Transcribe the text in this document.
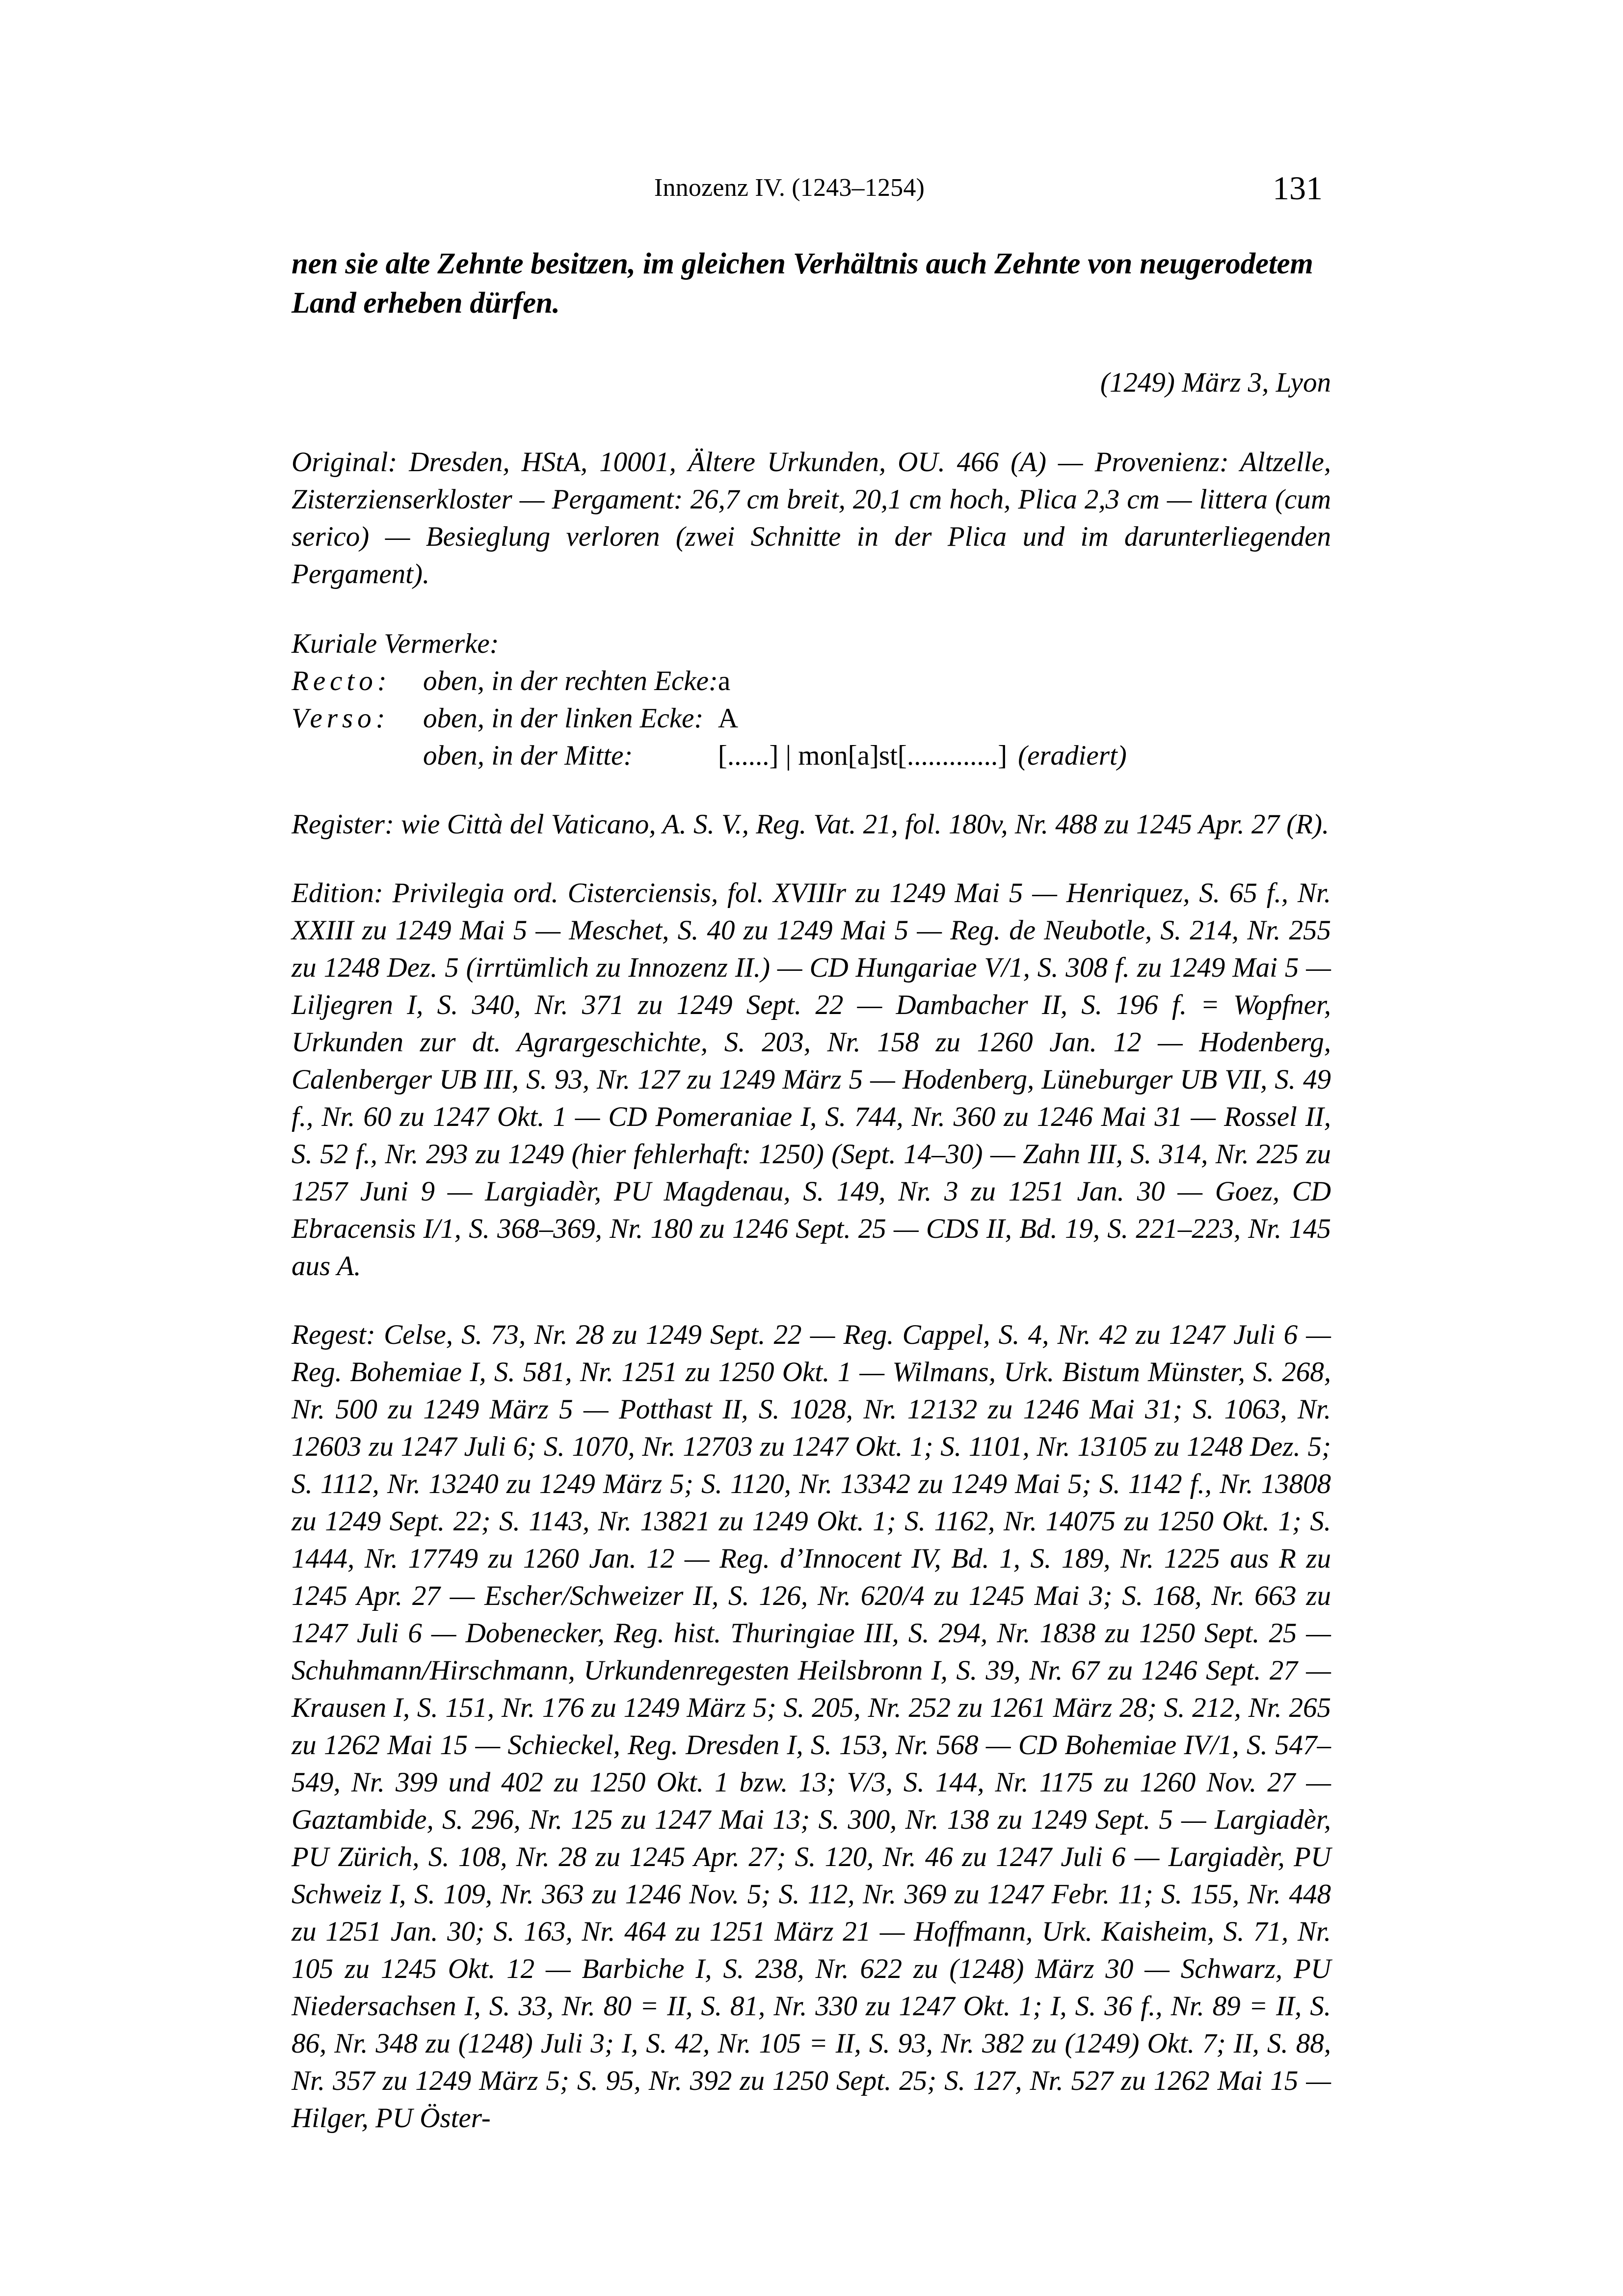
Innozenz IV. (1243–1254)	131

nen sie alte Zehnte besitzen, im gleichen Verhältnis auch Zehnte von neugerodetem Land erheben dürfen.

(1249) März 3, Lyon

Original: Dresden, HStA, 10001, Ältere Urkunden, OU. 466 (A) — Provenienz: Altzelle, Zisterzienserkloster — Pergament: 26,7 cm breit, 20,1 cm hoch, Plica 2,3 cm — littera (cum serico) — Besieglung verloren (zwei Schnitte in der Plica und im darunterliegenden Pergament).

Kuriale Vermerke:

Recto:	oben, in der rechten Ecke:	a	
Verso:	oben, in der linken Ecke:	A	
	oben, in der Mitte:	[......] | mon[a]st[.............]	(eradiert)

Register: wie Città del Vaticano, A. S. V., Reg. Vat. 21, fol. 180v, Nr. 488 zu 1245 Apr. 27 (R).

Edition: Privilegia ord. Cisterciensis, fol. XVIIIr zu 1249 Mai 5 — Henriquez, S. 65 f., Nr. XXIII zu 1249 Mai 5 — Meschet, S. 40 zu 1249 Mai 5 — Reg. de Neubotle, S. 214, Nr. 255 zu 1248 Dez. 5 (irrtümlich zu Innozenz II.) — CD Hungariae V/1, S. 308 f. zu 1249 Mai 5 — Liljegren I, S. 340, Nr. 371 zu 1249 Sept. 22 — Dambacher II, S. 196 f. = Wopfner, Urkunden zur dt. Agrargeschichte, S. 203, Nr. 158 zu 1260 Jan. 12 — Hodenberg, Calenberger UB III, S. 93, Nr. 127 zu 1249 März 5 — Hodenberg, Lüneburger UB VII, S. 49 f., Nr. 60 zu 1247 Okt. 1 — CD Pomeraniae I, S. 744, Nr. 360 zu 1246 Mai 31 — Rossel II, S. 52 f., Nr. 293 zu 1249 (hier fehlerhaft: 1250) (Sept. 14–30) — Zahn III, S. 314, Nr. 225 zu 1257 Juni 9 — Largiadèr, PU Magdenau, S. 149, Nr. 3 zu 1251 Jan. 30 — Goez, CD Ebracensis I/1, S. 368–369, Nr. 180 zu 1246 Sept. 25 — CDS II, Bd. 19, S. 221–223, Nr. 145 aus A.

Regest: Celse, S. 73, Nr. 28 zu 1249 Sept. 22 — Reg. Cappel, S. 4, Nr. 42 zu 1247 Juli 6 — Reg. Bohemiae I, S. 581, Nr. 1251 zu 1250 Okt. 1 — Wilmans, Urk. Bistum Münster, S. 268, Nr. 500 zu 1249 März 5 — Potthast II, S. 1028, Nr. 12132 zu 1246 Mai 31; S. 1063, Nr. 12603 zu 1247 Juli 6; S. 1070, Nr. 12703 zu 1247 Okt. 1; S. 1101, Nr. 13105 zu 1248 Dez. 5; S. 1112, Nr. 13240 zu 1249 März 5; S. 1120, Nr. 13342 zu 1249 Mai 5; S. 1142 f., Nr. 13808 zu 1249 Sept. 22; S. 1143, Nr. 13821 zu 1249 Okt. 1; S. 1162, Nr. 14075 zu 1250 Okt. 1; S. 1444, Nr. 17749 zu 1260 Jan. 12 — Reg. d’Innocent IV, Bd. 1, S. 189, Nr. 1225 aus R zu 1245 Apr. 27 — Escher/Schweizer II, S. 126, Nr. 620/4 zu 1245 Mai 3; S. 168, Nr. 663 zu 1247 Juli 6 — Dobenecker, Reg. hist. Thuringiae III, S. 294, Nr. 1838 zu 1250 Sept. 25 — Schuhmann/Hirschmann, Urkundenregesten Heilsbronn I, S. 39, Nr. 67 zu 1246 Sept. 27 — Krausen I, S. 151, Nr. 176 zu 1249 März 5; S. 205, Nr. 252 zu 1261 März 28; S. 212, Nr. 265 zu 1262 Mai 15 — Schieckel, Reg. Dresden I, S. 153, Nr. 568 — CD Bohemiae IV/1, S. 547–549, Nr. 399 und 402 zu 1250 Okt. 1 bzw. 13; V/3, S. 144, Nr. 1175 zu 1260 Nov. 27 — Gaztambide, S. 296, Nr. 125 zu 1247 Mai 13; S. 300, Nr. 138 zu 1249 Sept. 5 — Largiadèr, PU Zürich, S. 108, Nr. 28 zu 1245 Apr. 27; S. 120, Nr. 46 zu 1247 Juli 6 — Largiadèr, PU Schweiz I, S. 109, Nr. 363 zu 1246 Nov. 5; S. 112, Nr. 369 zu 1247 Febr. 11; S. 155, Nr. 448 zu 1251 Jan. 30; S. 163, Nr. 464 zu 1251 März 21 — Hoffmann, Urk. Kaisheim, S. 71, Nr. 105 zu 1245 Okt. 12 — Barbiche I, S. 238, Nr. 622 zu (1248) März 30 — Schwarz, PU Niedersachsen I, S. 33, Nr. 80 = II, S. 81, Nr. 330 zu 1247 Okt. 1; I, S. 36 f., Nr. 89 = II, S. 86, Nr. 348 zu (1248) Juli 3; I, S. 42, Nr. 105 = II, S. 93, Nr. 382 zu (1249) Okt. 7; II, S. 88, Nr. 357 zu 1249 März 5; S. 95, Nr. 392 zu 1250 Sept. 25; S. 127, Nr. 527 zu 1262 Mai 15 — Hilger, PU Öster-
